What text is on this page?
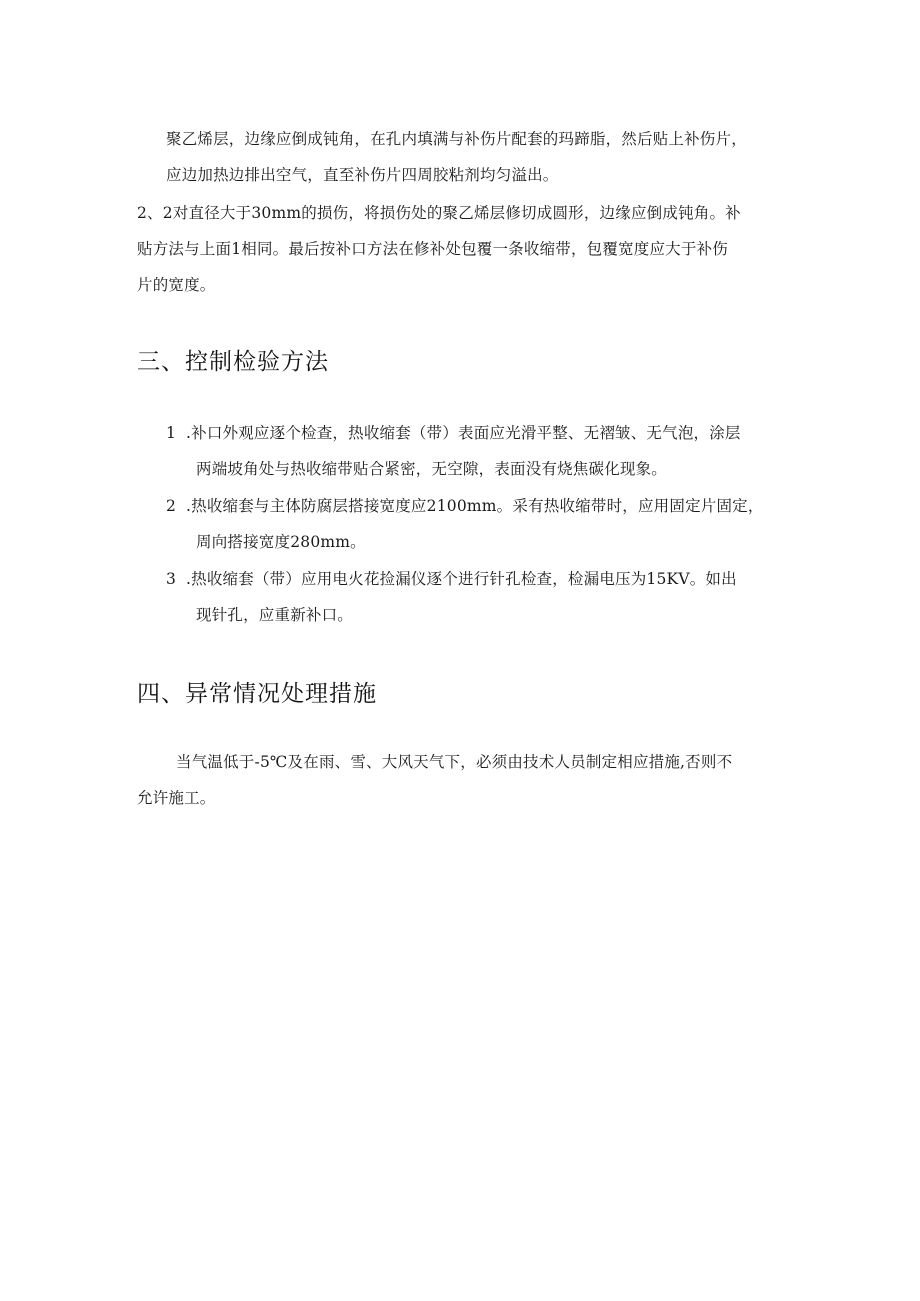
聚乙烯层，边缘应倒成钝角，在孔内填满与补伤片配套的玛蹄脂，然后贴上补伤片，
应边加热边排出空气，直至补伤片四周胶粘剂均匀溢出。
2、2对直径大于30mm的损伤，将损伤处的聚乙烯层修切成圆形，边缘应倒成钝角。补
贴方法与上面1相同。最后按补口方法在修补处包覆一条收缩带，包覆宽度应大于补伤
片的宽度。
三、控制检验方法
1 .补口外观应逐个检查，热收缩套（带）表面应光滑平整、无褶皱、无气泡，涂层
两端坡角处与热收缩带贴合紧密，无空隙，表面没有烧焦碳化现象。
2 .热收缩套与主体防腐层搭接宽度应2100mm。采有热收缩带时，应用固定片固定，
周向搭接宽度280mm。
3 .热收缩套（带）应用电火花捡漏仪逐个进行针孔检查，检漏电压为15KV。如出
现针孔，应重新补口。
四、异常情况处理措施
当气温低于-5℃及在雨、雪、大风天气下，必须由技术人员制定相应措施,否则不
允许施工。
